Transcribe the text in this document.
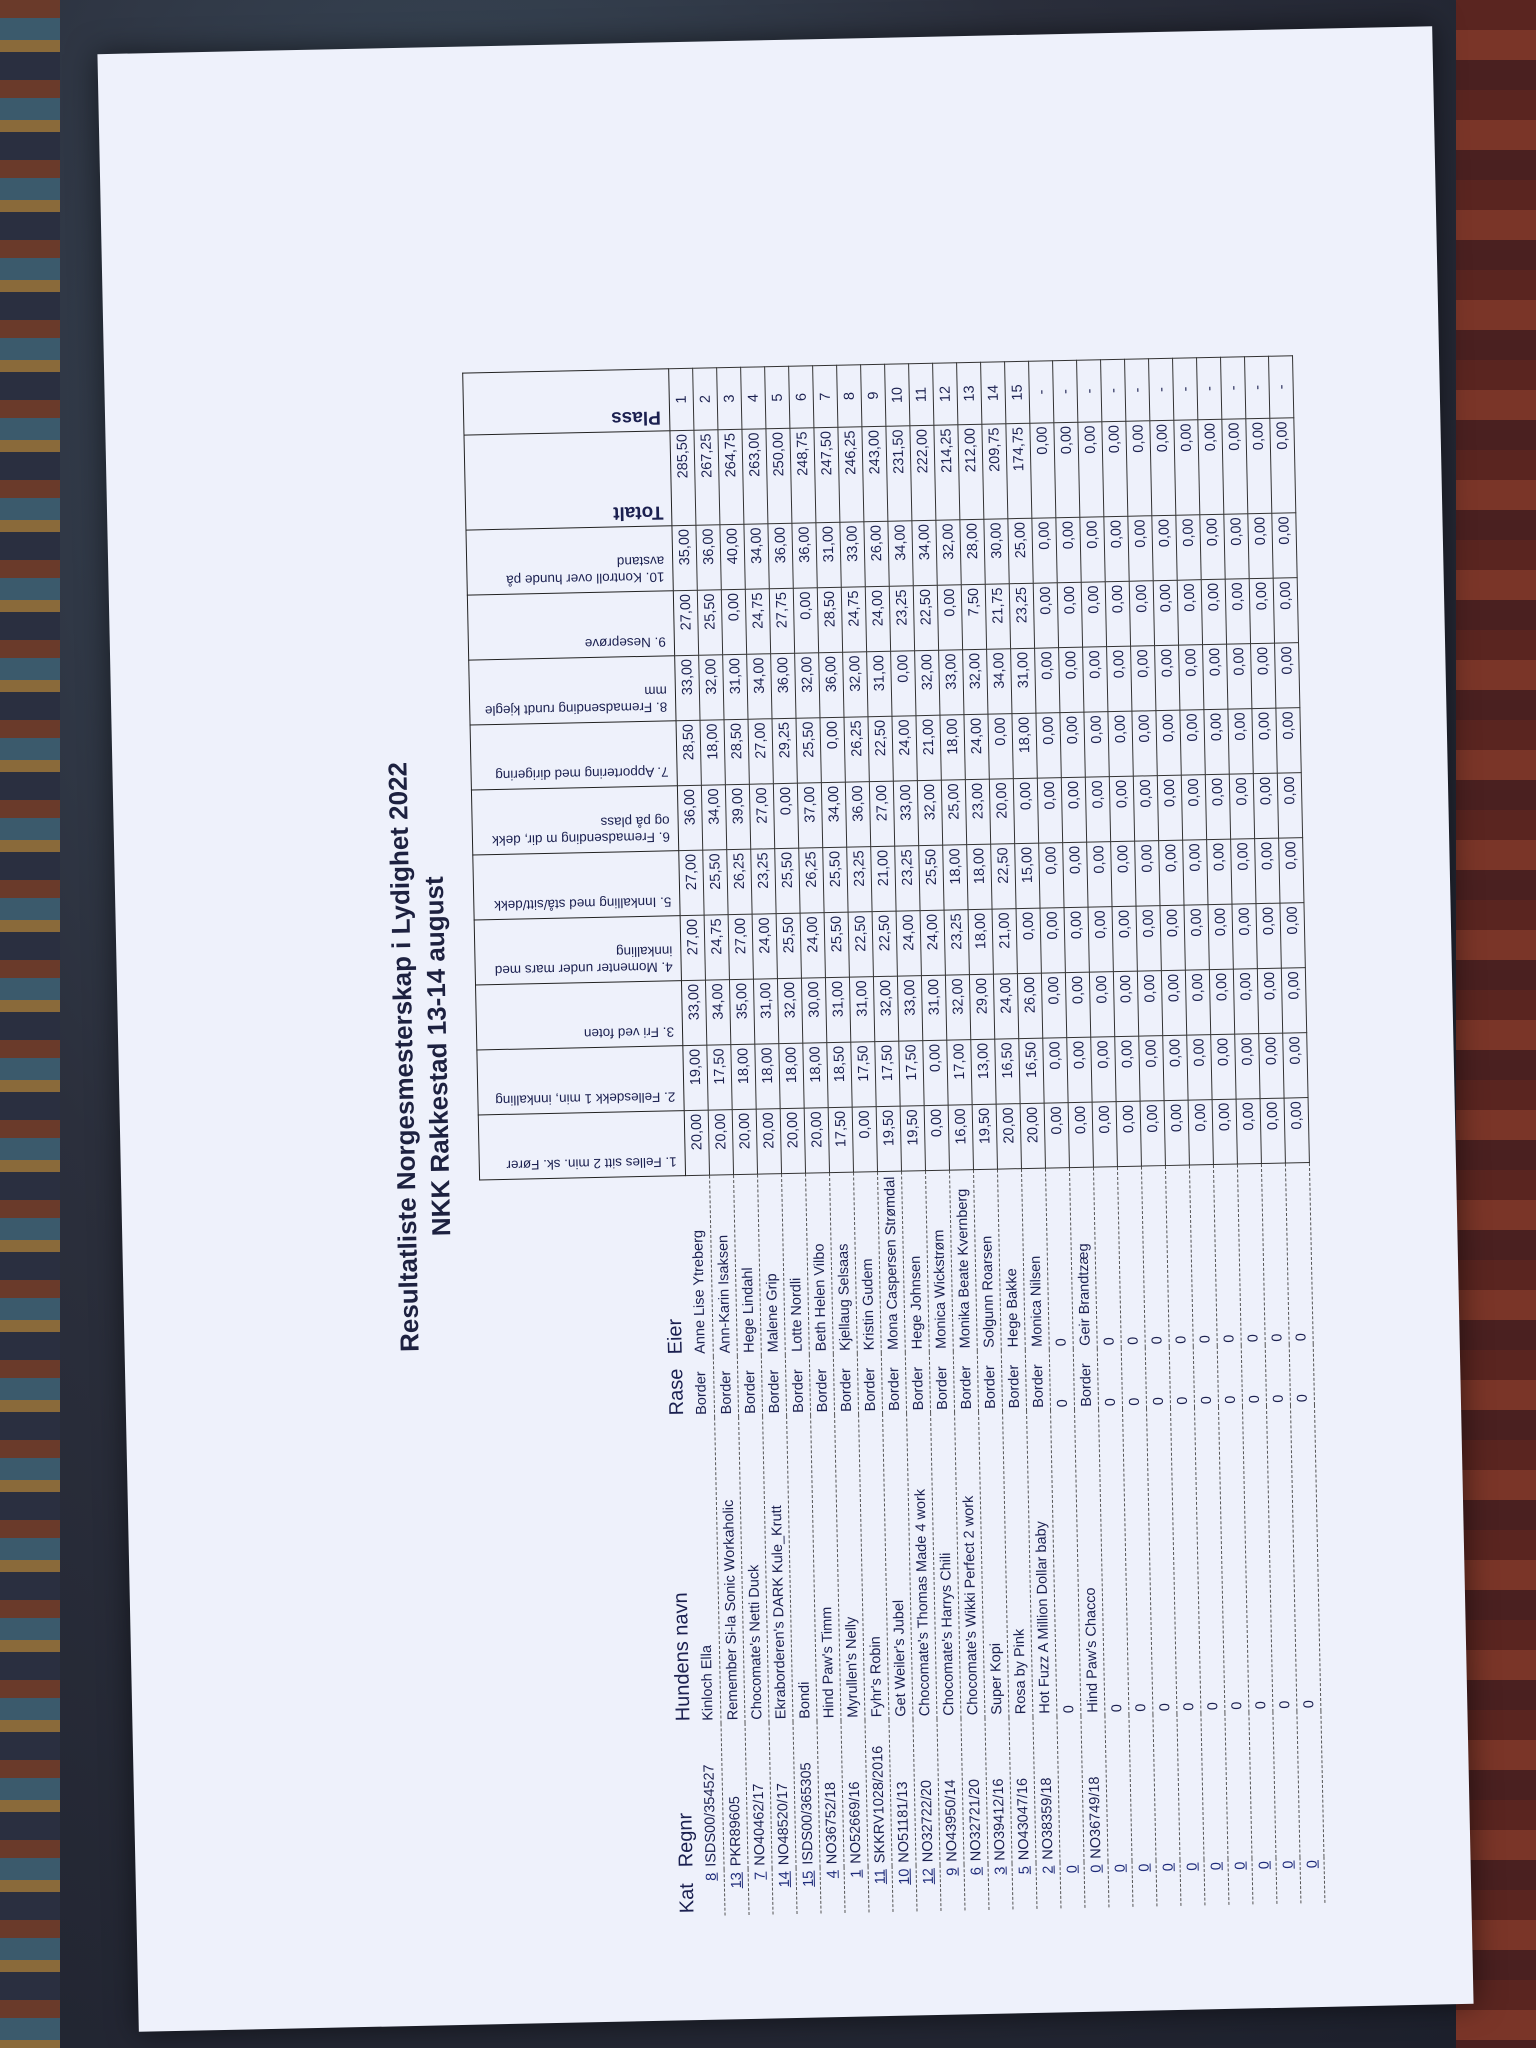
Resultatliste Norgesmesterskap i Lydighet 2022
NKK Rakkestad 13-14 august
Kat	Regnr	Hundens navn	Rase	Eier	1. Felles sitt 2 min. sk. Fører	2. Fellesdekk 1 min, innkalling	3. Fri ved foten	4. Momenter under mars med innkalling	5. Innkalling med stå/sitt/dekk	6. Fremadsending m dir, dekk og på plass	7. Apportering med dirigering	8. Fremadsending rundt kjegle mm	9. Neseprøve	10. Kontroll over hunde på avstand	Totalt	Plass
8	ISDS00/354527	Kinloch Ella	Border	Anne Lise Ytreberg	20,00	19,00	33,00	27,00	27,00	36,00	28,50	33,00	27,00	35,00	285,50	1
13	PKR89605	Remember Si-la Sonic Workaholic	Border	Ann-Karin Isaksen	20,00	17,50	34,00	24,75	25,50	34,00	18,00	32,00	25,50	36,00	267,25	2
7	NO40462/17	Chocomate's Netti Duck	Border	Hege Lindahl	20,00	18,00	35,00	27,00	26,25	39,00	28,50	31,00	0,00	40,00	264,75	3
14	NO48520/17	Ekraborderen's DARK Kule_Krutt	Border	Malene Grip	20,00	18,00	31,00	24,00	23,25	27,00	27,00	34,00	24,75	34,00	263,00	4
15	ISDS00/365305	Bondi	Border	Lotte Nordli	20,00	18,00	32,00	25,50	25,50	0,00	29,25	36,00	27,75	36,00	250,00	5
4	NO36752/18	Hind Paw's Timm	Border	Beth Helen Vilbo	20,00	18,00	30,00	24,00	26,25	37,00	25,50	32,00	0,00	36,00	248,75	6
1	NO52669/16	Myrullen's Nelly	Border	Kjellaug Selsaas	17,50	18,50	31,00	25,50	25,50	34,00	0,00	36,00	28,50	31,00	247,50	7
11	SKKRV1028/2016	Fyhr's Robin	Border	Kristin Gudem	0,00	17,50	31,00	22,50	23,25	36,00	26,25	32,00	24,75	33,00	246,25	8
10	NO51181/13	Get Weiler's Jubel	Border	Mona Caspersen Strømdal	19,50	17,50	32,00	22,50	21,00	27,00	22,50	31,00	24,00	26,00	243,00	9
12	NO32722/20	Chocomate's Thomas Made 4 work	Border	Hege Johnsen	19,50	17,50	33,00	24,00	23,25	33,00	24,00	0,00	23,25	34,00	231,50	10
9	NO43950/14	Chocomate's Harrys Chili	Border	Monica Wickstrøm	0,00	0,00	31,00	24,00	25,50	32,00	21,00	32,00	22,50	34,00	222,00	11
6	NO32721/20	Chocomate's Wikki Perfect 2 work	Border	Monika Beate Kvernberg	16,00	17,00	32,00	23,25	18,00	25,00	18,00	33,00	0,00	32,00	214,25	12
3	NO39412/16	Super Kopi	Border	Solgunn Roarsen	19,50	13,00	29,00	18,00	18,00	23,00	24,00	32,00	7,50	28,00	212,00	13
5	NO43047/16	Rosa by Pink	Border	Hege Bakke	20,00	16,50	24,00	21,00	22,50	20,00	0,00	34,00	21,75	30,00	209,75	14
2	NO38359/18	Hot Fuzz A Million Dollar baby	Border	Monica Nilsen	20,00	16,50	26,00	0,00	15,00	0,00	18,00	31,00	23,25	25,00	174,75	15
0		0	0	0	0,00	0,00	0,00	0,00	0,00	0,00	0,00	0,00	0,00	0,00	0,00	-
0	NO36749/18	Hind Paw's Chacco	Border	Geir Brandtzæg	0,00	0,00	0,00	0,00	0,00	0,00	0,00	0,00	0,00	0,00	0,00	-
0		0	0	0	0,00	0,00	0,00	0,00	0,00	0,00	0,00	0,00	0,00	0,00	0,00	-
0		0	0	0	0,00	0,00	0,00	0,00	0,00	0,00	0,00	0,00	0,00	0,00	0,00	-
0		0	0	0	0,00	0,00	0,00	0,00	0,00	0,00	0,00	0,00	0,00	0,00	0,00	-
0		0	0	0	0,00	0,00	0,00	0,00	0,00	0,00	0,00	0,00	0,00	0,00	0,00	-
0		0	0	0	0,00	0,00	0,00	0,00	0,00	0,00	0,00	0,00	0,00	0,00	0,00	-
0		0	0	0	0,00	0,00	0,00	0,00	0,00	0,00	0,00	0,00	0,00	0,00	0,00	-
0		0	0	0	0,00	0,00	0,00	0,00	0,00	0,00	0,00	0,00	0,00	0,00	0,00	-
0		0	0	0	0,00	0,00	0,00	0,00	0,00	0,00	0,00	0,00	0,00	0,00	0,00	-
0		0	0	0	0,00	0,00	0,00	0,00	0,00	0,00	0,00	0,00	0,00	0,00	0,00	-
